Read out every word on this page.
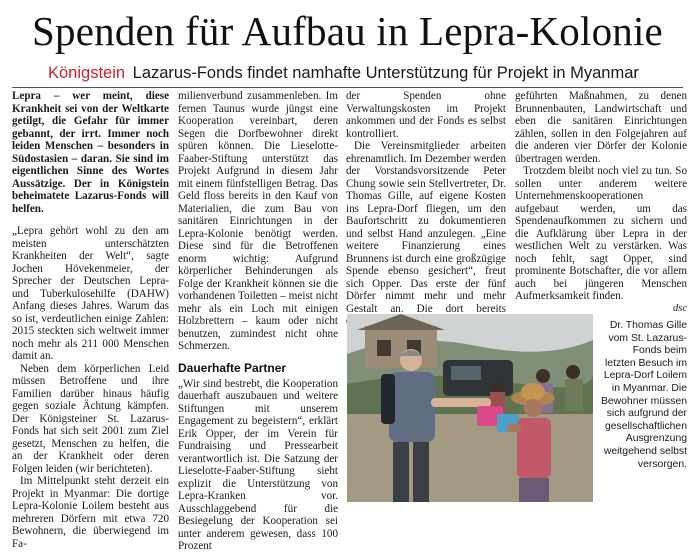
Spenden für Aufbau in Lepra-Kolonie
Königstein Lazarus-Fonds findet namhafte Unterstützung für Projekt in Myanmar

Lepra – wer meint, diese Krankheit sei von der Weltkarte getilgt, die Gefahr für immer gebannt, der irrt. Immer noch leiden Menschen – besonders in Südostasien – daran. Sie sind im eigentlichen Sinne des Wortes Aussätzige. Der in Königstein beheimatete Lazarus-Fonds will helfen.

„Lepra gehört wohl zu den am meisten unterschätzten Krankheiten der Welt“, sagte Jochen Hövekenmeier, der Sprecher der Deutschen Lepra- und Tuberkulosehilfe (DAHW) Anfang dieses Jahres. Warum das so ist, verdeutlichen einige Zahlen: 2015 steckten sich weltweit immer noch mehr als 211 000 Menschen damit an.

Neben dem körperlichen Leid müssen Betroffene und ihre Familien darüber hinaus häufig gegen soziale Ächtung kämpfen. Der Königsteiner St. Lazarus-Fonds hat sich seit 2001 zum Ziel gesetzt, Menschen zu helfen, die an der Krankheit oder deren Folgen leiden (wir berichteten).

Im Mittelpunkt steht derzeit ein Projekt in Myanmar: Die dortige Lepra-Kolonie Loilem besteht aus mehreren Dörfern mit etwa 720 Bewohnern, die überwiegend im Fa-

milienverbund zusammenleben. Im fernen Taunus wurde jüngst eine Kooperation vereinbart, deren Segen die Dorfbewohner direkt spüren können. Die Lieselotte-Faaber-Stiftung unterstützt das Projekt Aufgrund in diesem Jahr mit einem fünfstelligen Betrag. Das Geld floss bereits in den Kauf von Materialien, die zum Bau von sanitären Einrichtungen in der Lepra-Kolonie benötigt werden. Diese sind für die Betroffenen enorm wichtig: Aufgrund körperlicher Behinderungen als Folge der Krankheit können sie die vorhandenen Toiletten – meist nicht mehr als ein Loch mit einigen Holzbrettern – kaum oder nicht benutzen, zumindest nicht ohne Schmerzen.

Dauerhafte Partner

„Wir sind bestrebt, die Kooperation dauerhaft auszubauen und weitere Stiftungen mit unserem Engagement zu begeistern“, erklärt Erik Opper, der im Verein für Fundraising und Pressearbeit verantwortlich ist. Die Satzung der Lieselotte-Faaber-Stiftung sieht explizit die Unterstützung von Lepra-Kranken vor. Ausschlaggebend für die Besiegelung der Kooperation sei unter anderem gewesen, dass 100 Prozent

der Spenden ohne Verwaltungskosten im Projekt ankommen und der Fonds es selbst kontrolliert.

Die Vereinsmitglieder arbeiten ehrenamtlich. Im Dezember werden der Vorstandsvorsitzende Peter Chung sowie sein Stellvertreter, Dr. Thomas Gille, auf eigene Kosten ins Lepra-Dorf fliegen, um den Baufortschritt zu dokumentieren und selbst Hand anzulegen. „Eine weitere Finanzierung eines Brunnens ist durch eine großzügige Spende ebenso gesichert“, freut sich Opper. Das erste der fünf Dörfer nimmt mehr und mehr Gestalt an. Die dort bereits

geführten Maßnahmen, zu denen Brunnenbauten, Landwirtschaft und eben die sanitären Einrichtungen zählen, sollen in den Folgejahren auf die anderen vier Dörfer der Kolonie übertragen werden.

Trotzdem bleibt noch viel zu tun. So sollen unter anderem weitere Unternehmenskooperationen aufgebaut werden, um das Spendenaufkommen zu sichern und die Aufklärung über Lepra in der westlichen Welt zu verstärken. Was noch fehlt, sagt Opper, sind prominente Botschafter, die vor allem auch bei jüngeren Menschen Aufmerksamkeit finden.

dsc
Dr. Thomas Gille vom St. Lazarus-Fonds beim letzten Besuch im Lepra-Dorf Loilem in Myanmar. Die Bewohner müssen sich aufgrund der gesellschaftlichen Ausgrenzung weitgehend selbst versorgen.
